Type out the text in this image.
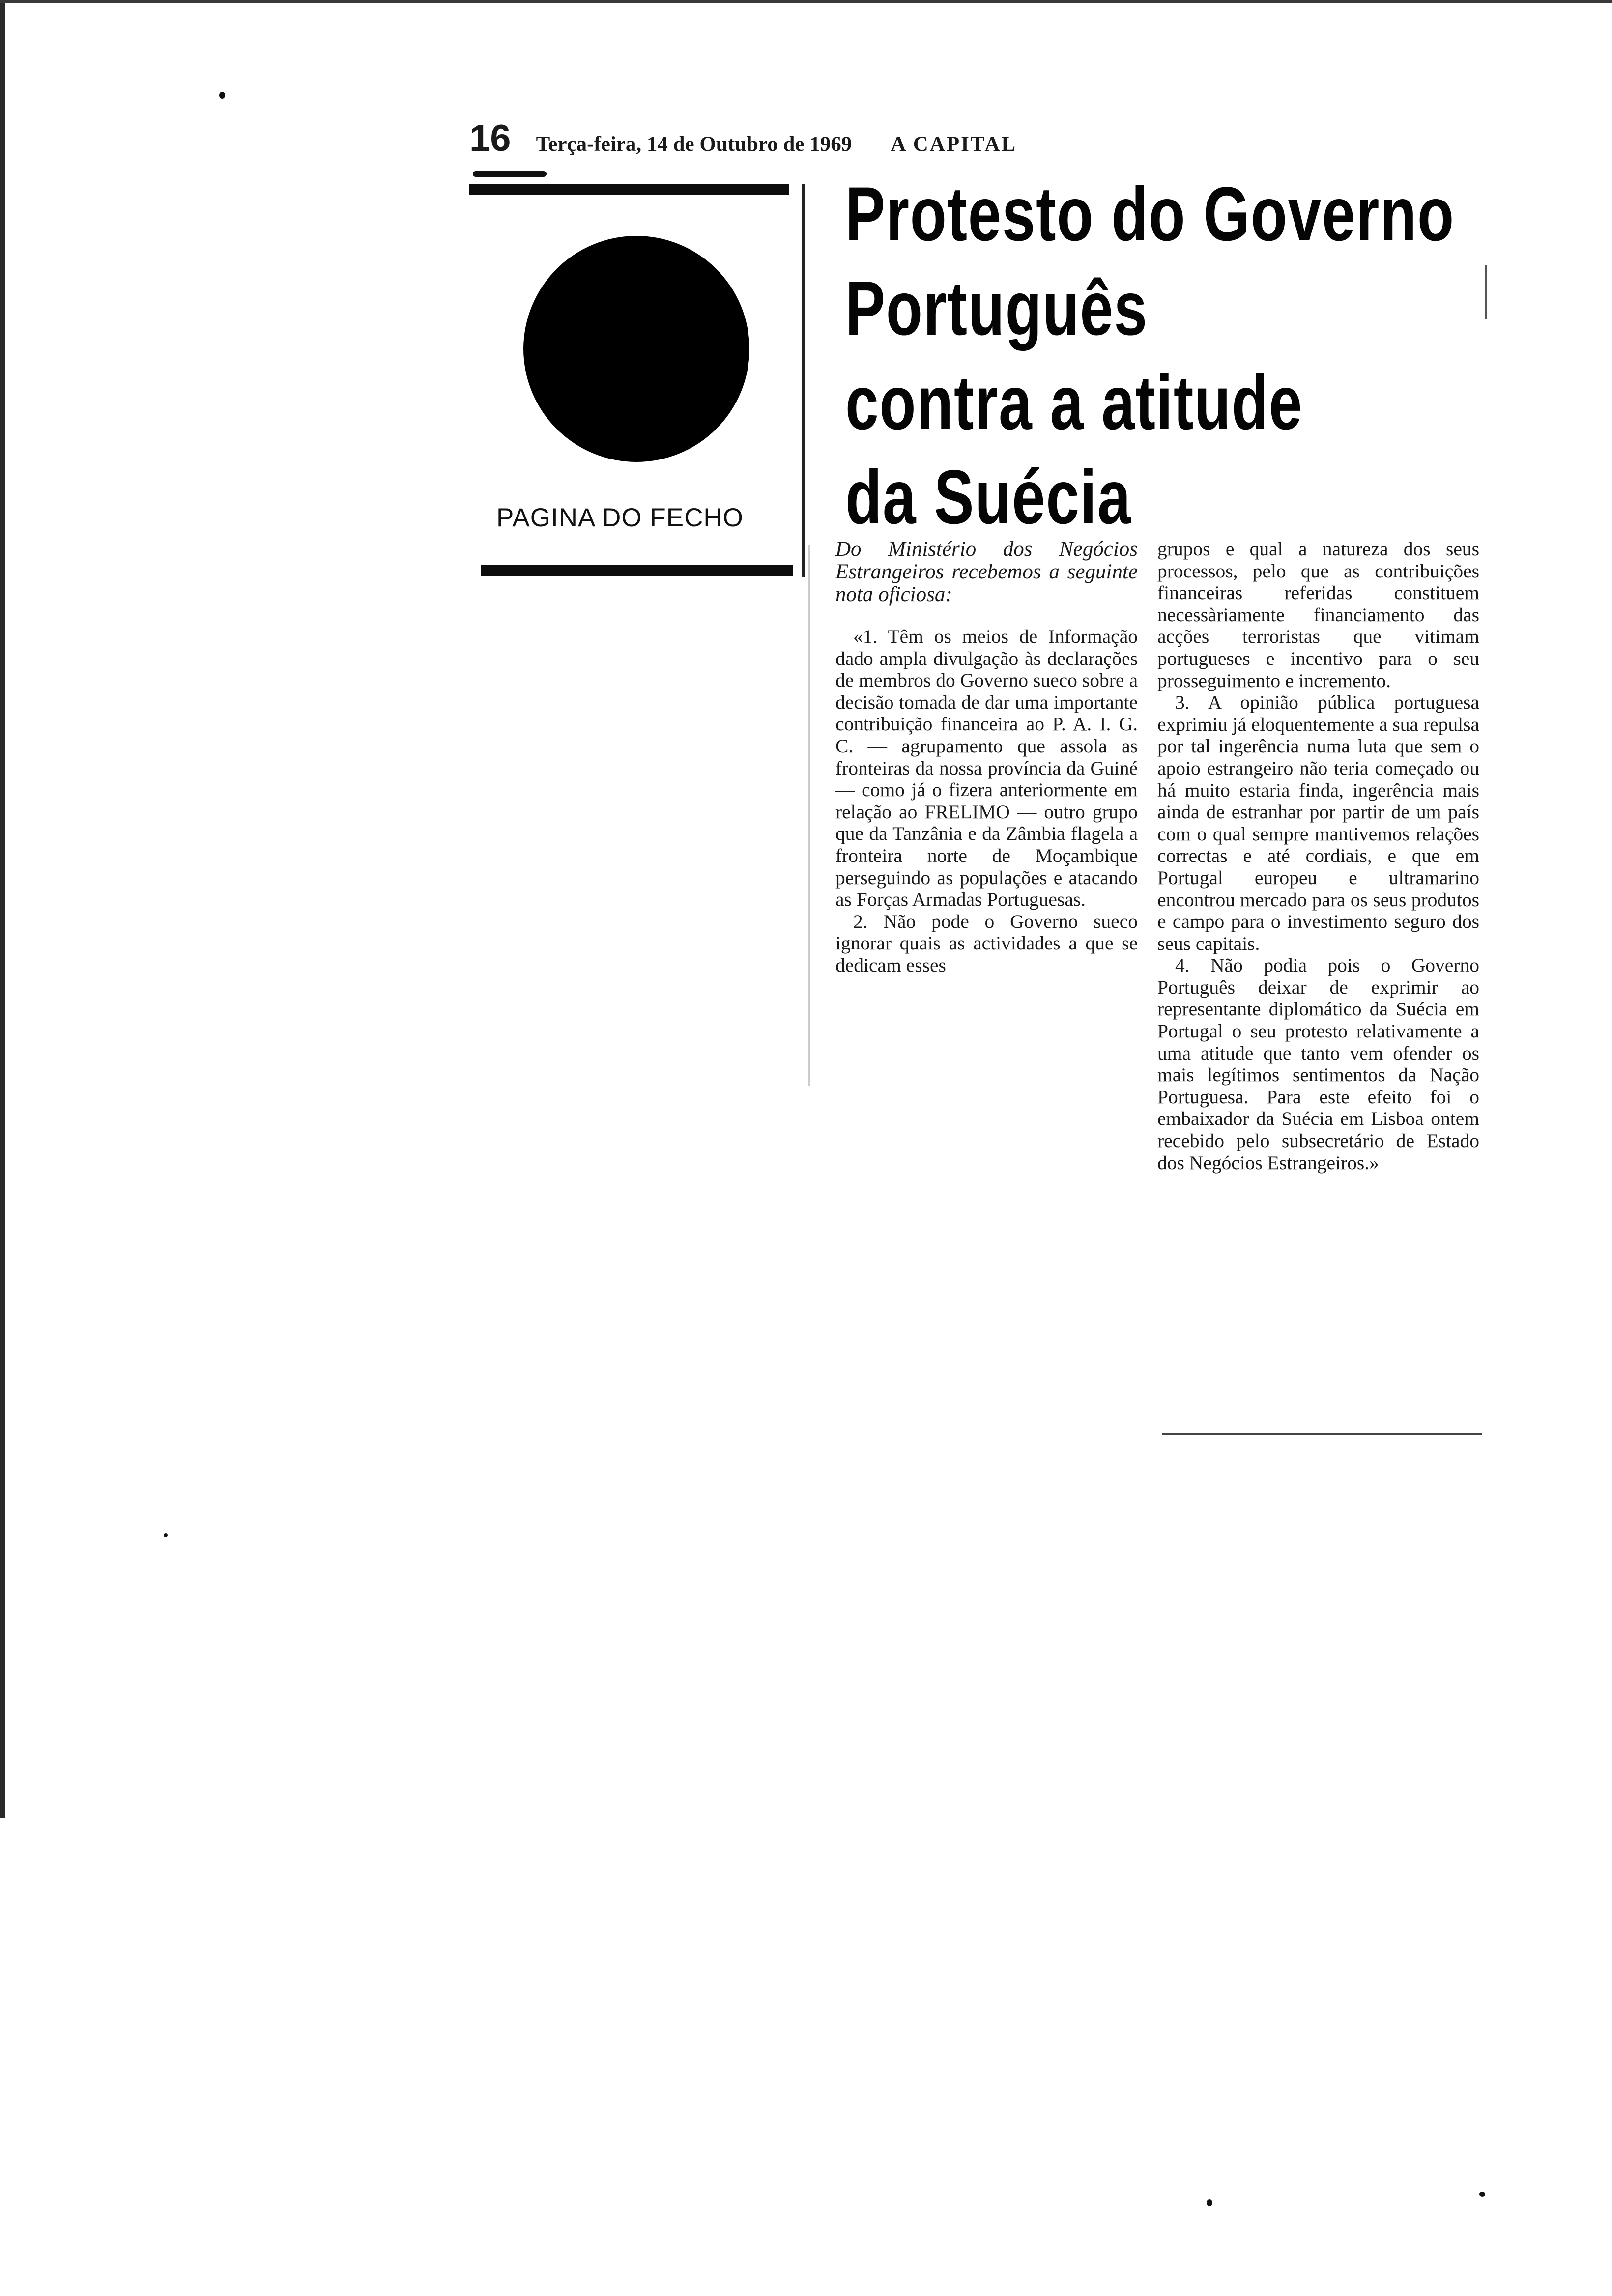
16 Terça-feira, 14 de Outubro de 1969 A CAPITAL
PAGINA DO FECHO
Protesto do Governo
Português
contra a atitude
da Suécia

Do Ministério dos Negócios Estrangeiros recebemos a seguinte nota oficiosa:

«1. Têm os meios de Informação dado ampla divulgação às declarações de membros do Governo sueco sobre a decisão tomada de dar uma importante contribuição financeira ao P. A. I. G. C. — agrupamento que assola as fronteiras da nossa província da Guiné — como já o fizera anteriormente em relação ao FRELIMO — outro grupo que da Tanzânia e da Zâmbia flagela a fronteira norte de Moçambique perseguindo as populações e atacando as Forças Armadas Portuguesas.

2. Não pode o Governo sueco ignorar quais as actividades a que se dedicam esses

grupos e qual a natureza dos seus processos, pelo que as contribuições financeiras referidas constituem necessàriamente financiamento das acções terroristas que vitimam portugueses e incentivo para o seu prosseguimento e incremento.

3. A opinião pública portuguesa exprimiu já eloquentemente a sua repulsa por tal ingerência numa luta que sem o apoio estrangeiro não teria começado ou há muito estaria finda, ingerência mais ainda de estranhar por partir de um país com o qual sempre mantivemos relações correctas e até cordiais, e que em Portugal europeu e ultramarino encontrou mercado para os seus produtos e campo para o investimento seguro dos seus capitais.

4. Não podia pois o Governo Português deixar de exprimir ao representante diplomático da Suécia em Portugal o seu protesto relativamente a uma atitude que tanto vem ofender os mais legítimos sentimentos da Nação Portuguesa. Para este efeito foi o embaixador da Suécia em Lisboa ontem recebido pelo subsecretário de Estado dos Negócios Estrangeiros.»
